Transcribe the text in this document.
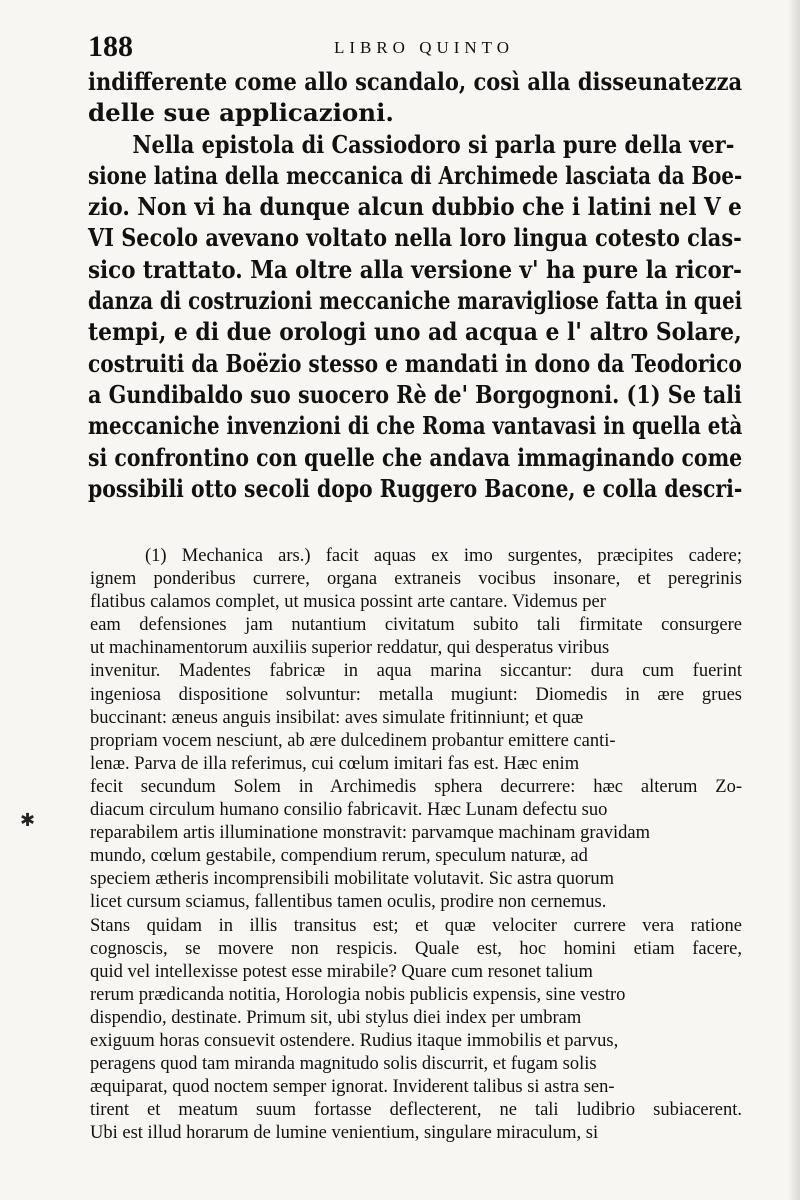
188	LIBRO QUINTO
indifferente come allo scandalo, così alla disseunatezza
delle sue applicazioni.
Nella epistola di Cassiodoro si parla pure della ver-
sione latina della meccanica di Archimede lasciata da Boe-
zio. Non vi ha dunque alcun dubbio che i latini nel V e
VI Secolo avevano voltato nella loro lingua cotesto clas-
sico trattato. Ma oltre alla versione v' ha pure la ricor-
danza di costruzioni meccaniche maravigliose fatta in quei
tempi, e di due orologi uno ad acqua e l' altro Solare,
costruiti da Boëzio stesso e mandati in dono da Teodorico
a Gundibaldo suo suocero Rè de' Borgognoni. (1) Se tali
meccaniche invenzioni di che Roma vantavasi in quella età
si confrontino con quelle che andava immaginando come
possibili otto secoli dopo Ruggero Bacone, e colla descri-
(1) Mechanica ars.) facit aquas ex imo surgentes, præcipites cadere;
ignem ponderibus currere, organa extraneis vocibus insonare, et peregrinis
flatibus calamos complet, ut musica possint arte cantare. Videmus per
eam defensiones jam nutantium civitatum subito tali firmitate consurgere
ut machinamentorum auxiliis superior reddatur, qui desperatus viribus
invenitur. Madentes fabricæ in aqua marina siccantur: dura cum fuerint
ingeniosa dispositione solvuntur: metalla mugiunt: Diomedis in ære grues
buccinant: æneus anguis insibilat: aves simulate fritinniunt; et quæ
propriam vocem nesciunt, ab ære dulcedinem probantur emittere canti-
lenæ. Parva de illa referimus, cui cœlum imitari fas est. Hæc enim
fecit secundum Solem in Archimedis sphera decurrere: hæc alterum Zo-
diacum circulum humano consilio fabricavit. Hæc Lunam defectu suo
reparabilem artis illuminatione monstravit: parvamque machinam gravidam
mundo, cœlum gestabile, compendium rerum, speculum naturæ, ad
speciem ætheris incomprensibili mobilitate volutavit. Sic astra quorum
licet cursum sciamus, fallentibus tamen oculis, prodire non cernemus.
Stans quidam in illis transitus est; et quæ velociter currere vera ratione
cognoscis, se movere non respicis. Quale est, hoc homini etiam facere,
quid vel intellexisse potest esse mirabile? Quare cum resonet talium
rerum prædicanda notitia, Horologia nobis publicis expensis, sine vestro
dispendio, destinate. Primum sit, ubi stylus diei index per umbram
exiguum horas consuevit ostendere. Rudius itaque immobilis et parvus,
peragens quod tam miranda magnitudo solis discurrit, et fugam solis
æquiparat, quod noctem semper ignorat. Inviderent talibus si astra sen-
tirent et meatum suum fortasse deflecterent, ne tali ludibrio subiacerent.
Ubi est illud horarum de lumine venientium, singulare miraculum, si
✱
